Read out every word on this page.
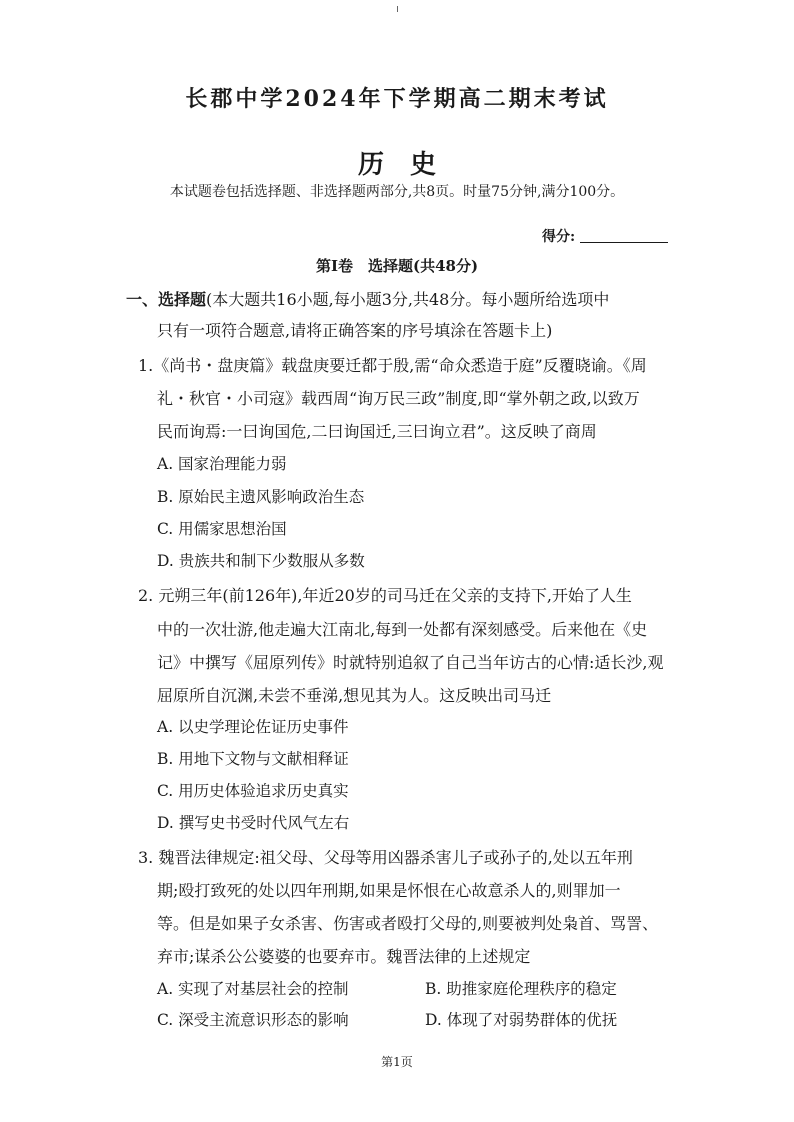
长郡中学2024年下学期高二期末考试
历史
本试题卷包括选择题、非选择题两部分,共8页。时量75分钟,满分100分。
得分:
第Ⅰ卷　选择题(共48分)
一、选择题(本大题共16小题,每小题3分,共48分。每小题所给选项中
只有一项符合题意,请将正确答案的序号填涂在答题卡上)
1.《尚书・盘庚篇》载盘庚要迁都于殷,需“命众悉造于庭”反覆晓谕。《周
礼・秋官・小司寇》载西周“询万民三政”制度,即“掌外朝之政,以致万
民而询焉:一曰询国危,二曰询国迁,三曰询立君”。这反映了商周
A. 国家治理能力弱
B. 原始民主遗风影响政治生态
C. 用儒家思想治国
D. 贵族共和制下少数服从多数
2. 元朔三年(前126年),年近20岁的司马迁在父亲的支持下,开始了人生
中的一次壮游,他走遍大江南北,每到一处都有深刻感受。后来他在《史
记》中撰写《屈原列传》时就特别追叙了自己当年访古的心情:适长沙,观
屈原所自沉渊,未尝不垂涕,想见其为人。这反映出司马迁
A. 以史学理论佐证历史事件
B. 用地下文物与文献相释证
C. 用历史体验追求历史真实
D. 撰写史书受时代风气左右
3. 魏晋法律规定:祖父母、父母等用凶器杀害儿子或孙子的,处以五年刑
期;殴打致死的处以四年刑期,如果是怀恨在心故意杀人的,则罪加一
等。但是如果子女杀害、伤害或者殴打父母的,则要被判处枭首、骂詈、
弃市;谋杀公公婆婆的也要弃市。魏晋法律的上述规定
A. 实现了对基层社会的控制	B. 助推家庭伦理秩序的稳定
C. 深受主流意识形态的影响	D. 体现了对弱势群体的优抚
第1页
